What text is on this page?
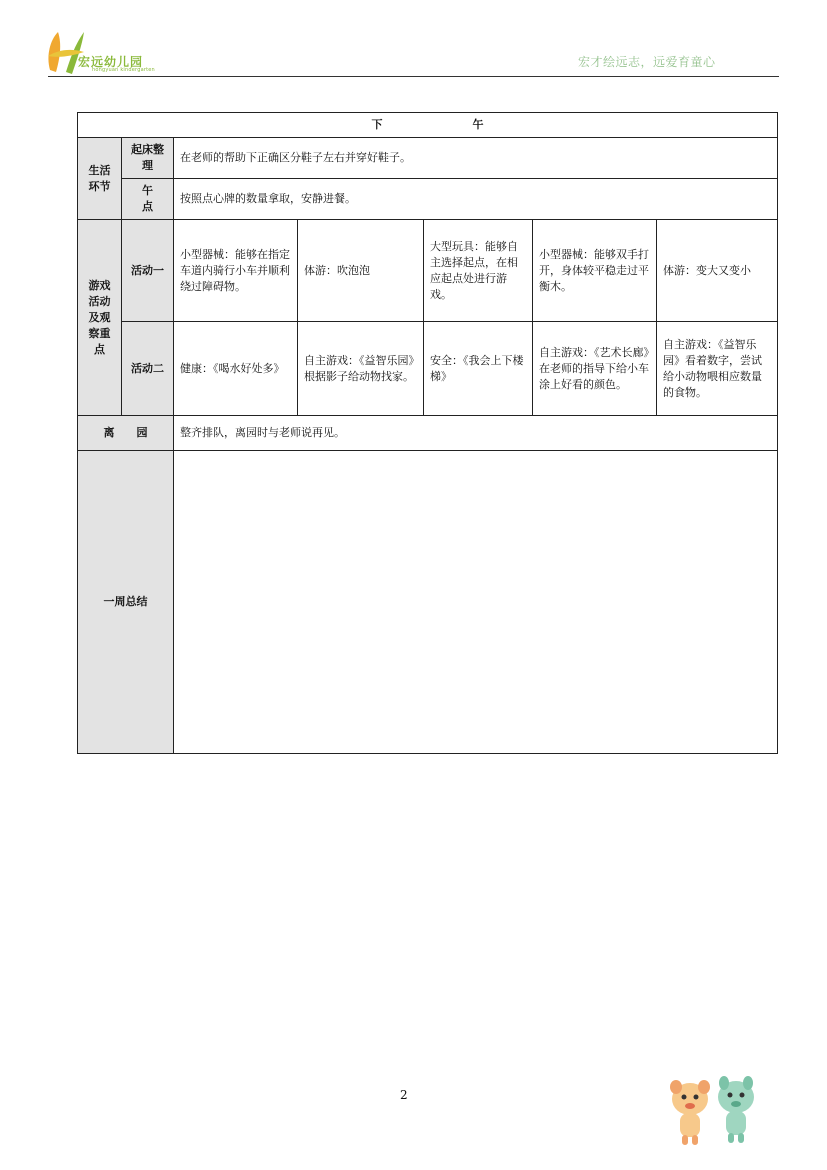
宏远幼儿园
hongyuan kindergarten
宏才绘远志，远爱育童心
下 午						
生活环节	起床整理	在老师的帮助下正确区分鞋子左右并穿好鞋子。				
	午　　点	按照点心牌的数量拿取，安静进餐。				
游戏活动及观察重点	活动一	小型器械：能够在指定车道内骑行小车并顺利绕过障碍物。	体游：吹泡泡	大型玩具：能够自主选择起点，在相应起点处进行游戏。	小型器械：能够双手打开，身体较平稳走过平衡木。	体游：变大又变小
	活动二	健康：《喝水好处多》	自主游戏：《益智乐园》根据影子给动物找家。	安全：《我会上下楼梯》	自主游戏：《艺术长廊》在老师的指导下给小车涂上好看的颜色。	自主游戏：《益智乐园》看着数字，尝试给小动物喂相应数量的食物。
离　　园		整齐排队，离园时与老师说再见。				
一周总结						
2
